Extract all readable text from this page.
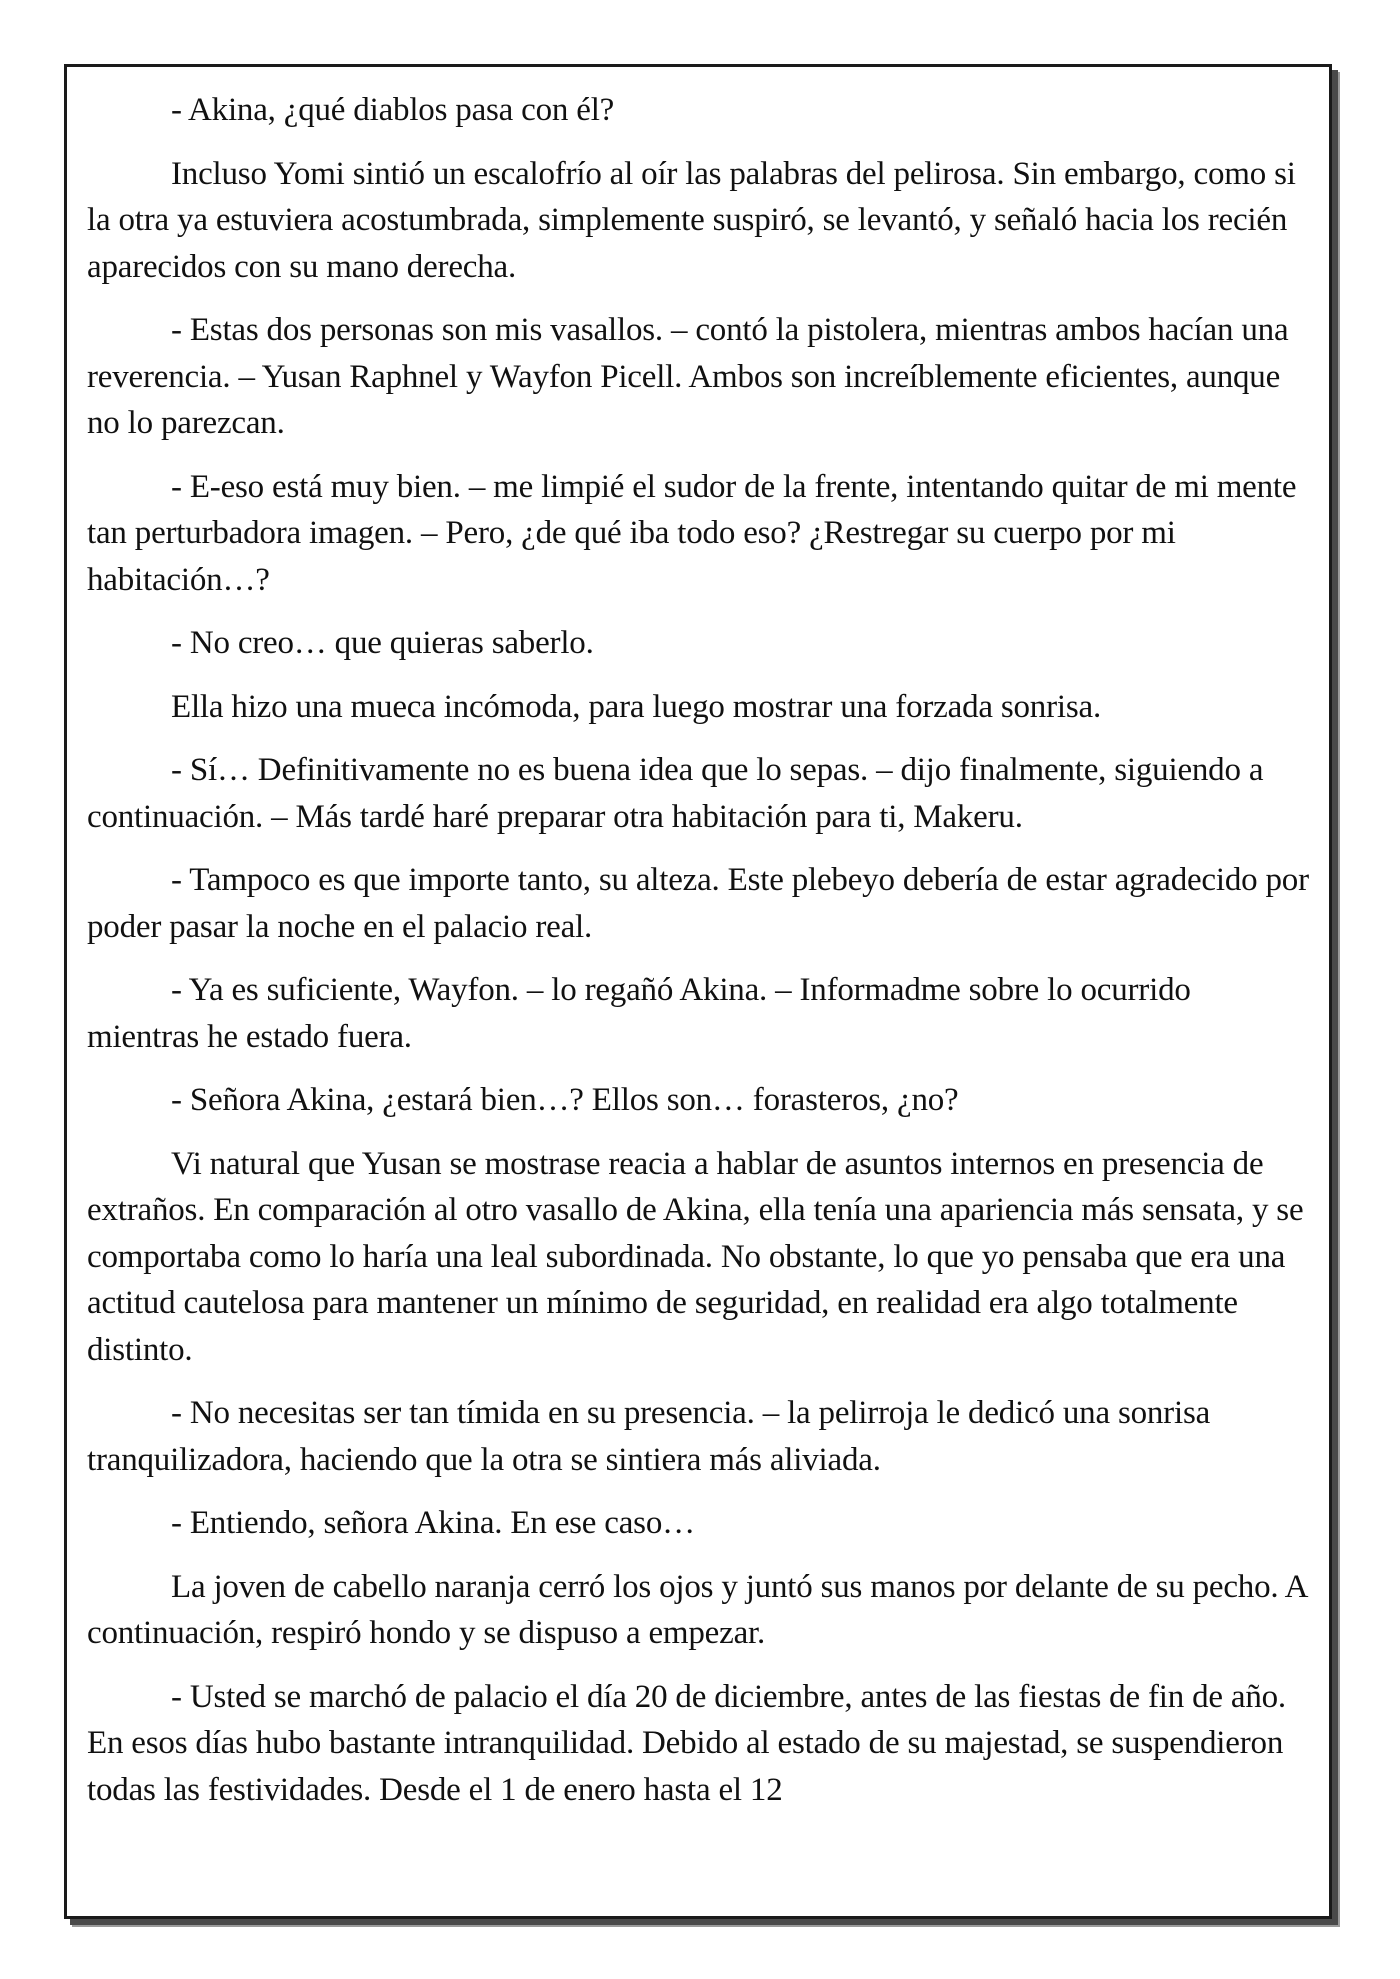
- Akina, ¿qué diablos pasa con él?

Incluso Yomi sintió un escalofrío al oír las palabras del pelirosa. Sin embargo, como si la otra ya estuviera acostumbrada, simplemente suspiró, se levantó, y señaló hacia los recién aparecidos con su mano derecha.

- Estas dos personas son mis vasallos. – contó la pistolera, mientras ambos hacían una reverencia. – Yusan Raphnel y Wayfon Picell. Ambos son increíblemente eficientes, aunque no lo parezcan.

- E-eso está muy bien. – me limpié el sudor de la frente, intentando quitar de mi mente tan perturbadora imagen. – Pero, ¿de qué iba todo eso? ¿Restregar su cuerpo por mi habitación…?

- No creo… que quieras saberlo.

Ella hizo una mueca incómoda, para luego mostrar una forzada sonrisa.

- Sí… Definitivamente no es buena idea que lo sepas. – dijo finalmente, siguiendo a continuación. – Más tardé haré preparar otra habitación para ti, Makeru.

- Tampoco es que importe tanto, su alteza. Este plebeyo debería de estar agradecido por poder pasar la noche en el palacio real.

- Ya es suficiente, Wayfon. – lo regañó Akina. – Informadme sobre lo ocurrido mientras he estado fuera.

- Señora Akina, ¿estará bien…? Ellos son… forasteros, ¿no?

Vi natural que Yusan se mostrase reacia a hablar de asuntos internos en presencia de extraños. En comparación al otro vasallo de Akina, ella tenía una apariencia más sensata, y se comportaba como lo haría una leal subordinada. No obstante, lo que yo pensaba que era una actitud cautelosa para mantener un mínimo de seguridad, en realidad era algo totalmente distinto.

- No necesitas ser tan tímida en su presencia. – la pelirroja le dedicó una sonrisa tranquilizadora, haciendo que la otra se sintiera más aliviada.

- Entiendo, señora Akina. En ese caso…

La joven de cabello naranja cerró los ojos y juntó sus manos por delante de su pecho. A continuación, respiró hondo y se dispuso a empezar.

- Usted se marchó de palacio el día 20 de diciembre, antes de las fiestas de fin de año. En esos días hubo bastante intranquilidad. Debido al estado de su majestad, se suspendieron todas las festividades. Desde el 1 de enero hasta el 12
